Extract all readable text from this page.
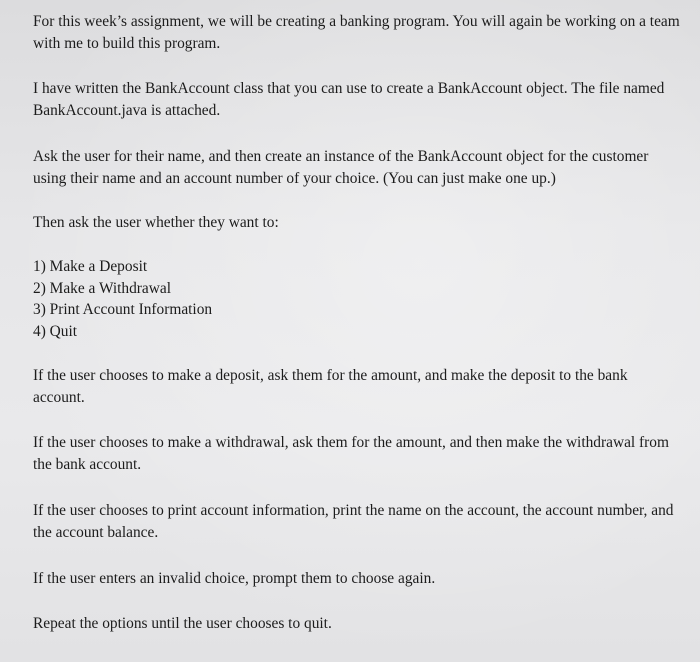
For this week’s assignment, we will be creating a banking program. You will again be working on a team with me to build this program.

I have written the BankAccount class that you can use to create a BankAccount object. The file named BankAccount.java is attached.

Ask the user for their name, and then create an instance of the BankAccount object for the customer using their name and an account number of your choice. (You can just make one up.)

Then ask the user whether they want to:

1) Make a Deposit
2) Make a Withdrawal
3) Print Account Information
4) Quit

If the user chooses to make a deposit, ask them for the amount, and make the deposit to the bank account.

If the user chooses to make a withdrawal, ask them for the amount, and then make the withdrawal from the bank account.

If the user chooses to print account information, print the name on the account, the account number, and the account balance.

If the user enters an invalid choice, prompt them to choose again.

Repeat the options until the user chooses to quit.
